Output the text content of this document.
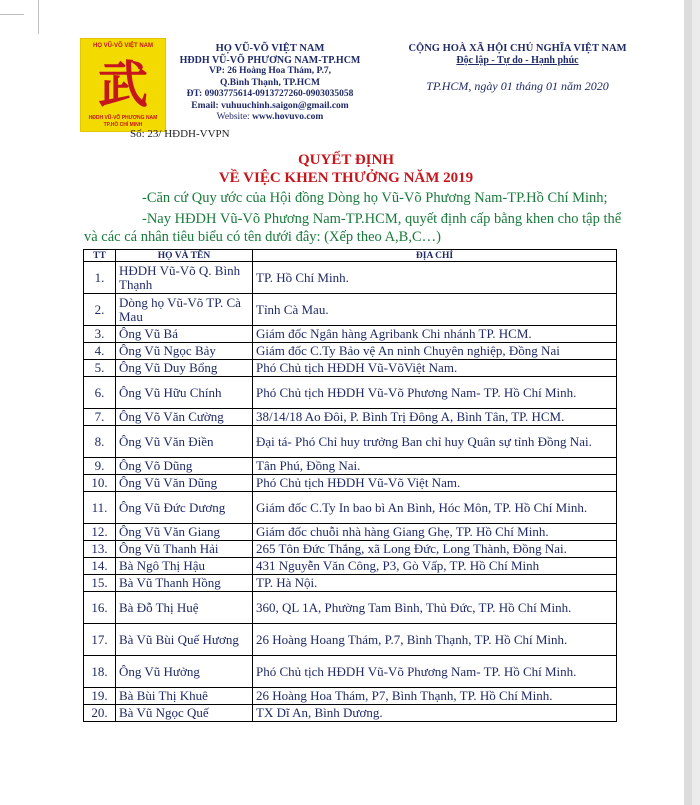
HỌ VŨ-VÕ VIỆT NAM
武
HĐDH VŨ-VÕ PHƯƠNG NAM
TP.HỒ CHÍ MINH
HỌ VŨ-VÕ VIỆT NAM
HĐDH VŨ-VÕ PHƯƠNG NAM-TP.HCM
VP: 26 Hoàng Hoa Thám, P.7,
Q.Bình Thạnh, TP.HCM
ĐT: 0903775614-0913727260-0903035058
Email: vuhuuchinh.saigon@gmail.com
Website: www.hovuvo.com
CỘNG HOÀ XÃ HỘI CHỦ NGHĨA VIỆT NAM
Độc lập - Tự do - Hạnh phúc
TP.HCM, ngày 01 tháng 01 năm 2020
Số: 23/ HĐDH-VVPN
QUYẾT ĐỊNH
VỀ VIỆC KHEN THƯỞNG NĂM 2019
-Căn cứ Quy ước của Hội đồng Dòng họ Vũ-Võ Phương Nam-TP.Hồ Chí Minh;
-Nay HĐDH Vũ-Võ Phương Nam-TP.HCM, quyết định cấp bằng khen cho tập thể
và các cá nhân tiêu biểu có tên dưới đây: (Xếp theo A,B,C…)
TT	HỌ VÀ TÊN	ĐỊA CHỈ
1.	HĐDH Vũ-Võ Q. Bình Thạnh	TP. Hồ Chí Minh.
2.	Dòng họ Vũ-Võ TP. Cà Mau	Tỉnh Cà Mau.
3.	Ông Vũ Bá	Giám đốc Ngân hàng Agribank Chi nhánh TP. HCM.
4.	Ông Vũ Ngọc Bảy	Giám đốc C.Ty Bảo vệ An ninh Chuyên nghiệp, Đồng Nai
5.	Ông Vũ Duy Bổng	Phó Chủ tịch HĐDH Vũ-VõViệt Nam.
6.	Ông Vũ Hữu Chính	Phó Chủ tịch HĐDH Vũ-Võ Phương Nam- TP. Hồ Chí Minh.
7.	Ông Võ Văn Cường	38/14/18 Ao Đôi, P. Bình Trị Đông A, Bình Tân, TP. HCM.
8.	Ông Vũ Văn Điền	Đại tá- Phó Chỉ huy trưởng Ban chỉ huy Quân sự tỉnh Đồng Nai.
9.	Ông Võ Dũng	Tân Phú, Đồng Nai.
10.	Ông Vũ Văn Dũng	Phó Chủ tịch HĐDH Vũ-Võ Việt Nam.
11.	Ông Vũ Đức Dương	Giám đốc C.Ty In bao bì An Bình, Hóc Môn, TP. Hồ Chí Minh.
12.	Ông Vũ Văn Giang	Giám đốc chuỗi nhà hàng Giang Ghẹ, TP. Hồ Chí Minh.
13.	Ông Vũ Thanh Hải	265 Tôn Đức Thắng, xã Long Đức, Long Thành, Đồng Nai.
14.	Bà Ngô Thị Hậu	431 Nguyễn Văn Công, P3, Gò Vấp, TP. Hồ Chí Minh
15.	Bà Vũ Thanh Hồng	TP. Hà Nội.
16.	Bà Đỗ Thị Huệ	360, QL 1A, Phường Tam Bình, Thủ Đức, TP. Hồ Chí Minh.
17.	Bà Vũ Bùi Quế Hương	26 Hoàng Hoang Thám, P.7, Bình Thạnh, TP. Hồ Chí Minh.
18.	Ông Vũ Hưởng	Phó Chủ tịch HĐDH Vũ-Võ Phương Nam- TP. Hồ Chí Minh.
19.	Bà Bùi Thị Khuê	26 Hoàng Hoa Thám, P7, Bình Thạnh, TP. Hồ Chí Minh.
20.	Bà Vũ Ngọc Quế	TX Dĩ An, Bình Dương.
